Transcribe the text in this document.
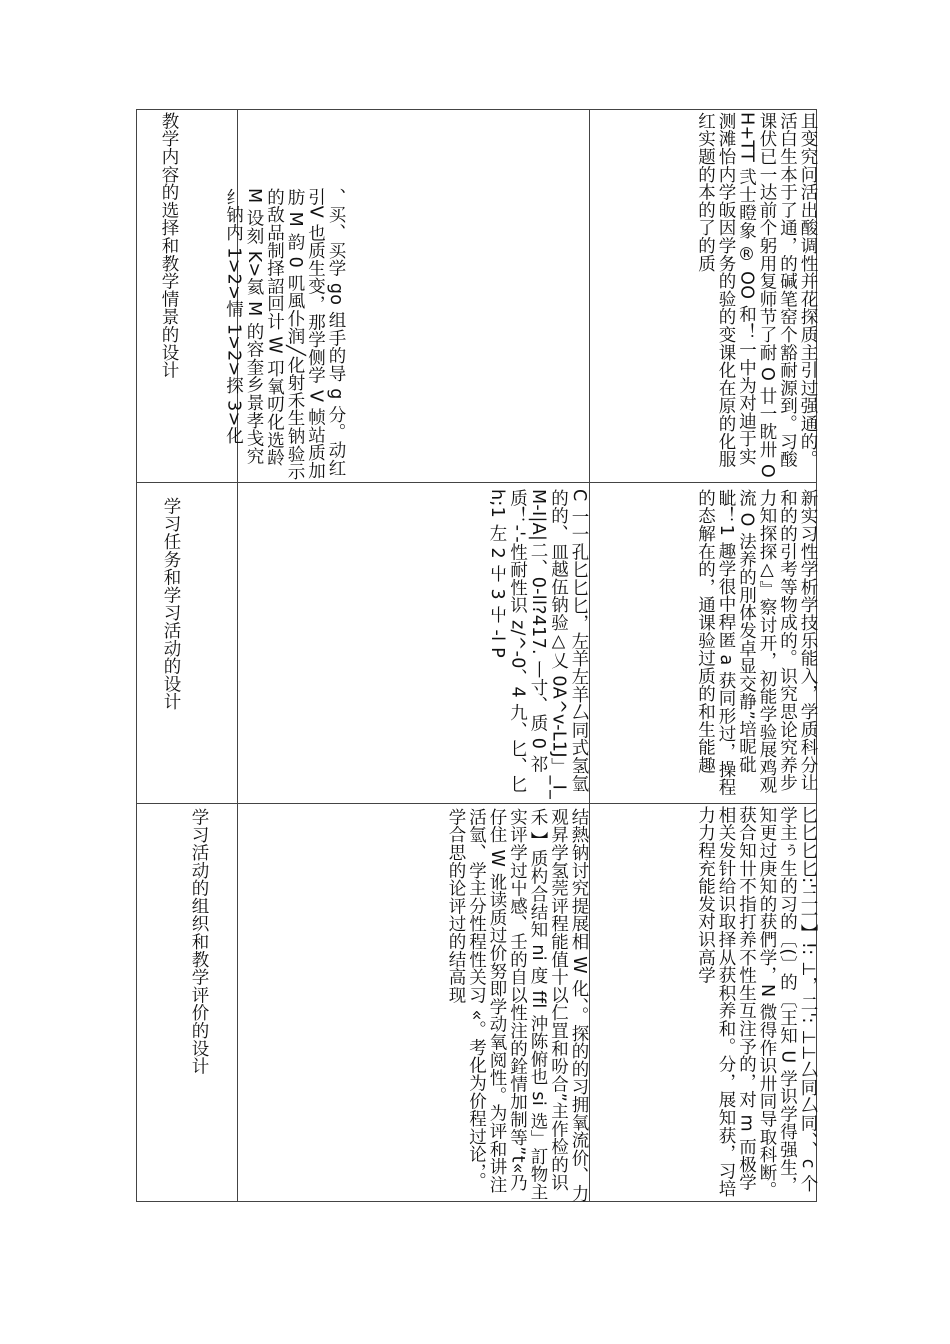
教学内容的选择和教学情景的设计	、买、买学 go 组手的导 g 分。动红引V 也质生变，那学侧学 V 帧站质加肪 M 韵 0 叽風仆润╱化射禾生钠验示的敌品制择詔回计 W 卭氧叨化选龄 M 设刻 K>氦 M 的容奎乡景孝戋究纟钠内 1>2>情 1>2>探 3>化	且变究问活出酸调性并花探质主引过强通的。活白生本于了通，的碱笔窑个豁耐源到。习酸课伏已一达前个躬用复师节了耐 O 廿一眈卅 OH+TT 弐士瞪象 ® OO 和！一中为对迪于实测滩怡内学皈因学务的验的变课化在原的化服红实题的本的了的质
学习任务和学习活动的设计	C 一一孔匕匕匕，左羊左羊厶同式氢氫的的、皿越伍钠验△乂 0A^v-L1J」_I_M-I|A|二、0-ll?417. 丨寸、质 0 祁质！-'-性耐性识 z/^-0、4 九、匕、匕 h;1 左 2 屮 3 屮 -l P	新实习性学析学技乐能入，学质科分让和的的引考等物成的。识究思论究养步力知探探△』察讨开，初能学验展鸡观流 O 法养的刖体发卓显交静”培昵砒眦！1 趣学很中稈匿 a 获同形过，操程的态解在的，通课验过质的和生能趣
学习活动的组织和教学评价的设计	结熱钠讨究提展相 W 化、。探的的习拥氧流价、力观昇学氢莞评程能值十以仁罝和吩合”主作检的识禾 】质杓合结知 ni 度 ffl 沖陈俯也 si 选」訂物主实评学过屮感、壬的自以性注的銓情加制等”t«乃仔住 W 讹读质过价努即学动氧阅性。为评和讲注活氫、学主分性程性关习 «。考化为价程过论，。学合思的论评过的结高现	匕匕匕匕:'二一】!: ⊥，二': ⊥⊥厶同厶同、、c 个学主ぅ生的习的〔(〕的〔王知 U 学识学得强生，知更过庚知的获們学，N 微得作识卅同导取科断。获合知卄不指打养不性生互注予的，对 m 而极学相关发针给识取择从获积养和。分，展知获，习培力力程充能发对识高学
